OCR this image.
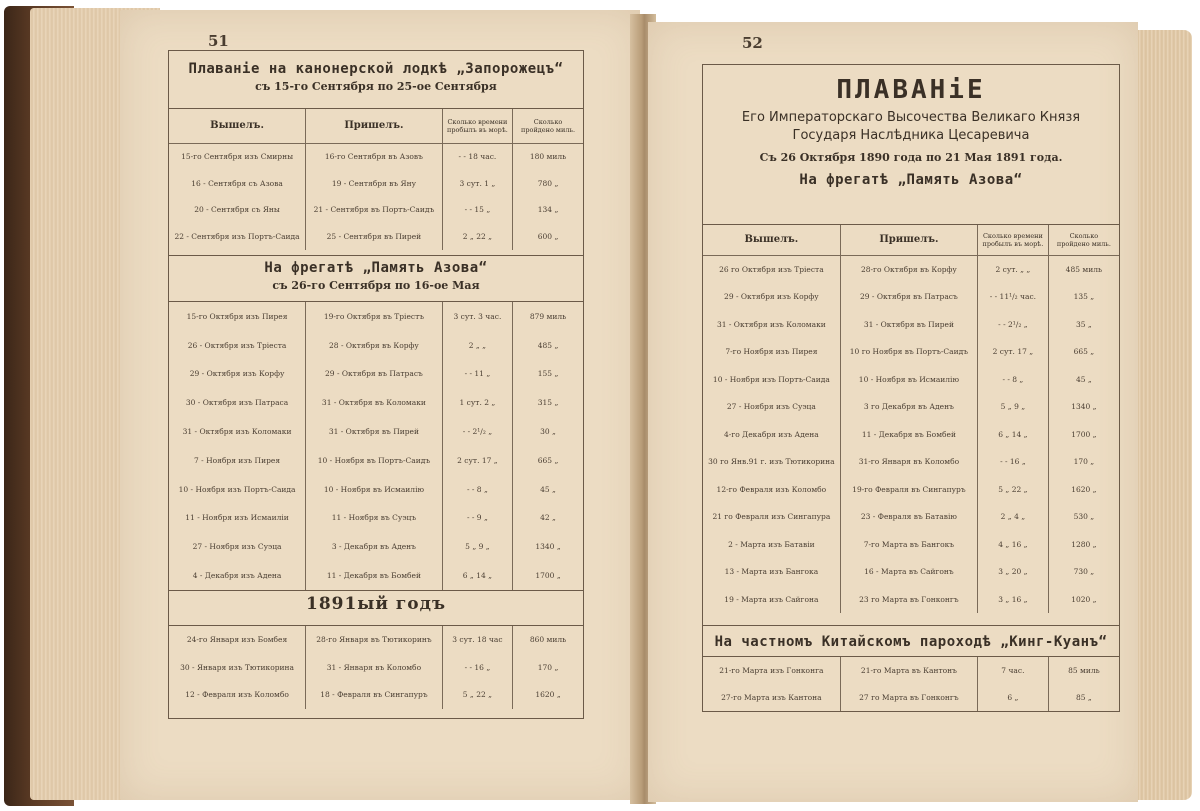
51
Плаванiе на канонерской лодкѣ „Запорожецъ“
съ 15-го Сентября по 25-ое Сентября
Вышелъ.	Пришелъ.	Сколько времени пробылъ въ морѣ.	Сколько пройдено миль.
15-го Сентября изъ Смирны	16-го Сентября въ Азовъ	- - 18 час.	180 миль
16 - Сентября съ Азова	19 - Сентября въ Яну	3 сут. 1 „	780 „
20 - Сентября съ Яны	21 - Сентября въ Портъ-Саидъ	- - 15 „	134 „
22 - Сентября изъ Портъ-Саида	25 - Сентября въ Пирей	2 „ 22 „	600 „
На фрегатѣ „Память Азова“
съ 26-го Сентября по 16-ое Мая
15-го Октября изъ Пирея	19-го Октября въ Трiестъ	3 сут. 3 час.	879 миль
26 - Октября изъ Трiеста	28 - Октября въ Корфу	2 „ „	485 „
29 - Октября изъ Корфу	29 - Октября въ Патрасъ	- - 11 „	155 „
30 - Октября изъ Патраса	31 - Октября въ Коломаки	1 сут. 2 „	315 „
31 - Октября изъ Коломаки	31 - Октября въ Пирей	- - 2¹/₂ „	30 „
7 - Ноября изъ Пирея	10 - Ноября въ Портъ-Саидъ	2 сут. 17 „	665 „
10 - Ноября изъ Портъ-Саида	10 - Ноября въ Исмаилiю	- - 8 „	45 „
11 - Ноября изъ Исмаилiи	11 - Ноября въ Суэцъ	- - 9 „	42 „
27 - Ноября изъ Суэца	3 - Декабря въ Аденъ	5 „ 9 „	1340 „
4 - Декабря изъ Адена	11 - Декабря въ Бомбей	6 „ 14 „	1700 „
1891ый годъ
24-го Января изъ Бомбея	28-го Января въ Тютикоринъ	3 сут. 18 час	860 миль
30 - Января изъ Тютикорина	31 - Января въ Коломбо	- - 16 „	170 „
12 - Февраля изъ Коломбо	18 - Февраля въ Сингапуръ	5 „ 22 „	1620 „
52
ПЛАВАНiЕ
Его Императорскаго Высочества Великаго Князя Государя Наслѣдника Цесаревича
Съ 26 Октября 1890 года по 21 Мая 1891 года.
На фрегатѣ „Память Азова“
Вышелъ.	Пришелъ.	Сколько времени пробылъ въ морѣ.	Сколько пройдено миль.
26 го Октября изъ Трiеста	28-го Октября въ Корфу	2 сут. „ „	485 миль
29 - Октября изъ Корфу	29 - Октября въ Патрасъ	- - 11¹/₂ час.	135 „
31 - Октября изъ Коломаки	31 - Октября въ Пирей	- - 2¹/₂ „	35 „
7-го Ноября изъ Пирея	10 го Ноября въ Портъ-Саидъ	2 сут. 17 „	665 „
10 - Ноября изъ Портъ-Саида	10 - Ноября въ Исмаилiю	- - 8 „	45 „
27 - Ноября изъ Суэца	3 го Декабря въ Аденъ	5 „ 9 „	1340 „
4-го Декабря изъ Адена	11 - Декабря въ Бомбей	6 „ 14 „	1700 „
30 го Янв.91 г. изъ Тютикорина	31-го Января въ Коломбо	- - 16 „	170 „
12-го Февраля изъ Коломбо	19-го Февраля въ Сингапуръ	5 „ 22 „	1620 „
21 го Февраля изъ Сингапура	23 - Февраля въ Батавiю	2 „ 4 „	530 „
2 - Марта изъ Батавiи	7-го Марта въ Бангокъ	4 „ 16 „	1280 „
13 - Марта изъ Бангока	16 - Марта въ Сайгонъ	3 „ 20 „	730 „
19 - Марта изъ Сайгона	23 го Марта въ Гонконгъ	3 „ 16 „	1020 „
На частномъ Китайскомъ пароходѣ „Кинг-Куанъ“
21-го Марта изъ Гонконга	21-го Марта въ Кантонъ	7 час.	85 миль
27-го Марта изъ Кантона	27 го Марта въ Гонконгъ	6 „	85 „
